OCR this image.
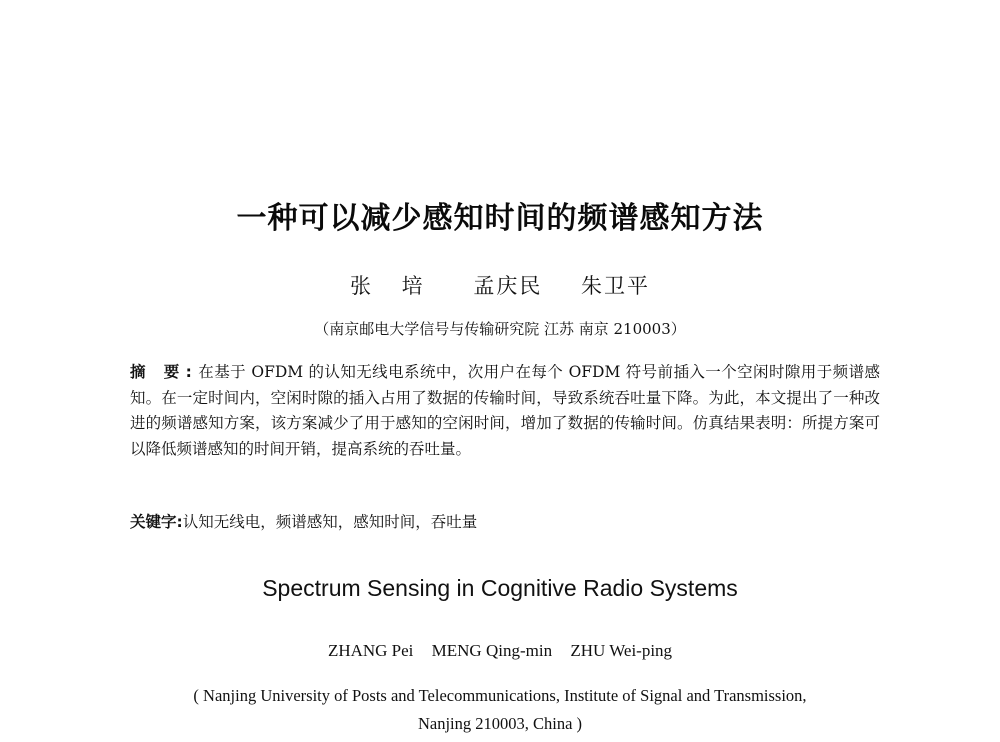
一种可以减少感知时间的频谱感知方法
张 培 孟庆民 朱卫平
（南京邮电大学信号与传输研究院 江苏 南京 210003）
摘 要:在基于 OFDM 的认知无线电系统中，次用户在每个 OFDM 符号前插入一个空闲时隙用于频谱感知。在一定时间内，空闲时隙的插入占用了数据的传输时间，导致系统吞吐量下降。为此，本文提出了一种改进的频谱感知方案，该方案减少了用于感知的空闲时间，增加了数据的传输时间。仿真结果表明：所提方案可以降低频谱感知的时间开销，提高系统的吞吐量。
关键字:认知无线电，频谱感知，感知时间，吞吐量
Spectrum Sensing in Cognitive Radio Systems
ZHANG Pei MENG Qing-min ZHU Wei-ping
( Nanjing University of Posts and Telecommunications, Institute of Signal and Transmission,
Nanjing 210003, China )
